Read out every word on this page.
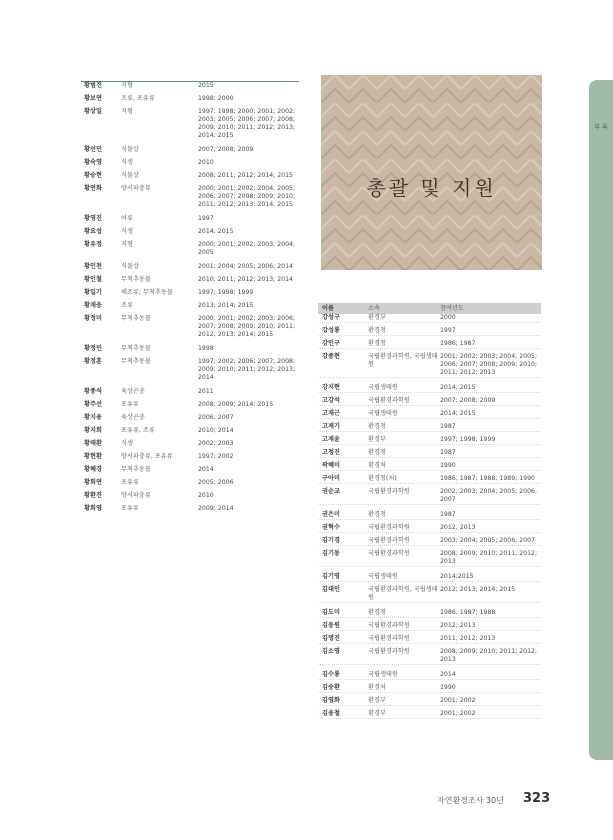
부 록
황범진	지형	2015
황보연	조류, 포유류	1998; 2000
황상일	지형	1997; 1998; 2000; 2001; 2002; 2003; 2005; 2006; 2007; 2008; 2009; 2010; 2011; 2012; 2013; 2014; 2015
황선민	식물상	2007; 2008; 2009
황숙영	식생	2010
황승현	식물상	2008; 2011; 2012; 2014; 2015
황연화	양서파충류	2000; 2001; 2002; 2004; 2005; 2006; 2007; 2008; 2009; 2010; 2011; 2012; 2013; 2014; 2015
황영진	어류	1997
황요섭	식생	2014; 2015
황유정	지형	2000; 2001; 2002; 2003; 2004; 2005
황인천	식물상	2001; 2004; 2005; 2006; 2014
황인철	무척추동물	2010; 2011; 2012; 2013; 2014
황일기	해조류; 무척추동물	1997; 1998; 1999
황재웅	조류	2013; 2014; 2015
황정미	무척추동물	2000; 2001; 2002; 2003; 2006; 2007; 2008; 2009; 2010; 2011; 2012; 2013; 2014; 2015
황정민	무척추동물	1998
황정훈	무척추동물	1997; 2002; 2006; 2007; 2008; 2009; 2010; 2011; 2012; 2013; 2014
황종석	육상곤충	2011
황주선	포유류	2008; 2009; 2014; 2015
황지용	육상곤충	2006; 2007
황지희	포유류, 조류	2010; 2014
황태환	식생	2002; 2003
황현환	양서파충류, 포유류	1997; 2002
황혜경	무척추동물	2014
황회연	포유류	2005; 2006
황환진	양서파충류	2010
황희영	포유류	2009; 2014
총괄 및 지원
이름	소속	참여년도
강성구	환경부	2000
강성룡	환경청	1997
강인구	환경청	1986; 1987
강종현	국립환경과학원, 국립생태원
2001; 2002; 2003; 2004; 2005; 2006; 2007; 2008; 2009; 2010; 2011; 2012; 2013
강지현	국립생태원	2014; 2015
고강석	국립환경과학원	2007; 2008; 2009
고재근	국립생태원	2014; 2015
고재기	환경청	1987
고재윤	환경부	1997; 1998; 1999
고청진	환경청	1987
곽혜미	환경처	1990
구아미	환경청(처)	1986; 1987; 1988; 1989; 1990
권순교	국립환경과학원	2002; 2003; 2004; 2005; 2006; 2007
권은미	환경청	1987
권혁수	국립환경과학원	2012; 2013
김기경	국립환경과학원	2003; 2004; 2005; 2006; 2007
김기동	국립환경과학원	2008; 2009; 2010; 2011; 2012; 2013
김기영	국립생태원	2014;2015
김대인	국립환경과학원, 국립생태원
2012; 2013; 2014; 2015
김도미	환경청	1986; 1987; 1988
김동원	국립환경과학원	2012; 2013
김명진	국립환경과학원	2011; 2012; 2013
김소영	국립환경과학원	2008; 2009; 2010; 2011; 2012; 2013
김수룡	국립생태원	2014
김승환	환경처	1990
김영화	환경부	2001; 2002
김용철	환경부	2001; 2002
자연환경조사 30년 323
